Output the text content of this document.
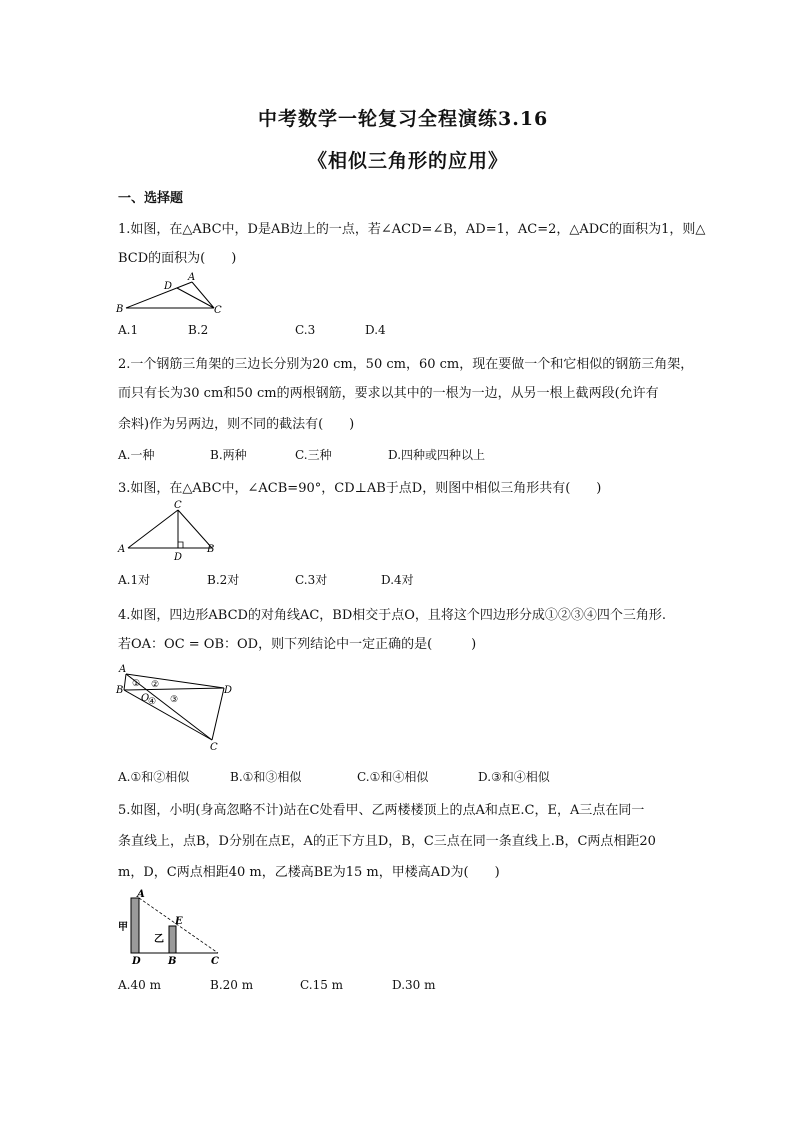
中考数学一轮复习全程演练3.16
《相似三角形的应用》
一、选择题
1.如图，在△ABC中，D是AB边上的一点，若∠ACD=∠B，AD=1，AC=2，△ADC的面积为1，则△
BCD的面积为(　　)
A
B	C
D
A.1	B.2	C.3	D.4
2.一个钢筋三角架的三边长分别为20 cm，50 cm，60 cm，现在要做一个和它相似的钢筋三角架，
而只有长为30 cm和50 cm的两根钢筋，要求以其中的一根为一边，从另一根上截两段(允许有
余料)作为另两边，则不同的截法有(　　)
A.一种	B.两种	C.三种	D.四种或四种以上
3.如图，在△ABC中，∠ACB=90°，CD⊥AB于点D，则图中相似三角形共有(　　)
A	B
C
D
A.1对	B.2对	C.3对	D.4对
4.如图，四边形ABCD的对角线AC，BD相交于点O，且将这个四边形分成①②③④四个三角形.
若OA：OC = OB：OD，则下列结论中一定正确的是(　　　)
A
B
C
D
O
① ②
③
④
A.①和②相似	B.①和③相似	C.①和④相似	D.③和④相似
5.如图，小明(身高忽略不计)站在C处看甲、乙两楼楼顶上的点A和点E.C，E，A三点在同一
条直线上，点B，D分别在点E，A的正下方且D，B，C三点在同一条直线上.B，C两点相距20
m，D，C两点相距40 m，乙楼高BE为15 m，甲楼高AD为(　　)
A
B	C
D
E
甲
乙
A.40 m	B.20 m	C.15 m	D.30 m
